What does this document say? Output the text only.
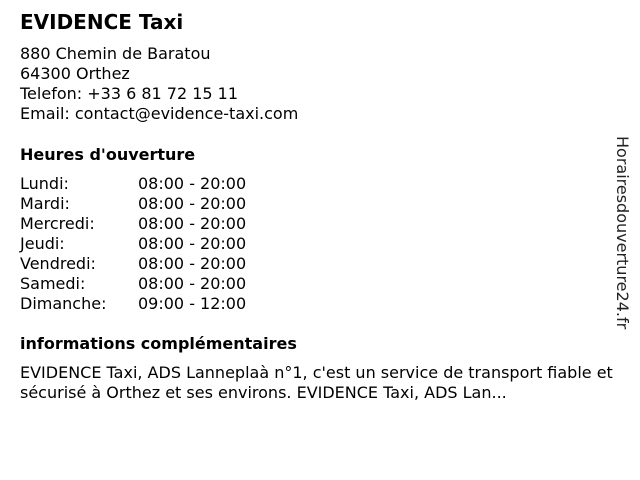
EVIDENCE Taxi
880 Chemin de Baratou
64300 Orthez
Telefon: +33 6 81 72 15 11
Email: contact@evidence-taxi.com
Heures d'ouverture
Lundi:	08:00 - 20:00
Mardi:	08:00 - 20:00
Mercredi:	08:00 - 20:00
Jeudi:	08:00 - 20:00
Vendredi:	08:00 - 20:00
Samedi:	08:00 - 20:00
Dimanche:	09:00 - 12:00
informations complémentaires
EVIDENCE Taxi, ADS Lanneplaà n°1, c'est un service de transport fiable et sécurisé à Orthez et ses environs. EVIDENCE Taxi, ADS Lan...
Horairesdouverture24.fr
